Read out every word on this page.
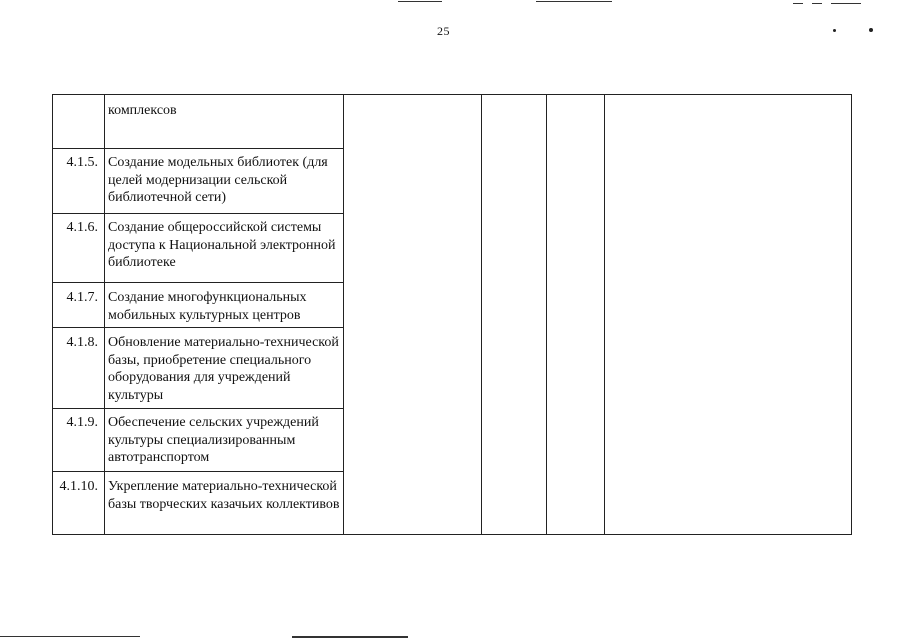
25
комплексов
4.1.5. Создание модельных библиотек (для целей модернизации сельской библиотечной сети)
4.1.6. Создание общероссийской системы доступа к Национальной электронной библиотеке
4.1.7. Создание многофункциональных мобильных культурных центров
4.1.8. Обновление материально-технической базы, приобретение специального оборудования для учреждений культуры
4.1.9. Обеспечение сельских учреждений культуры специализированным автотранспортом
4.1.10. Укрепление материально-технической базы творческих казачьих коллективов
